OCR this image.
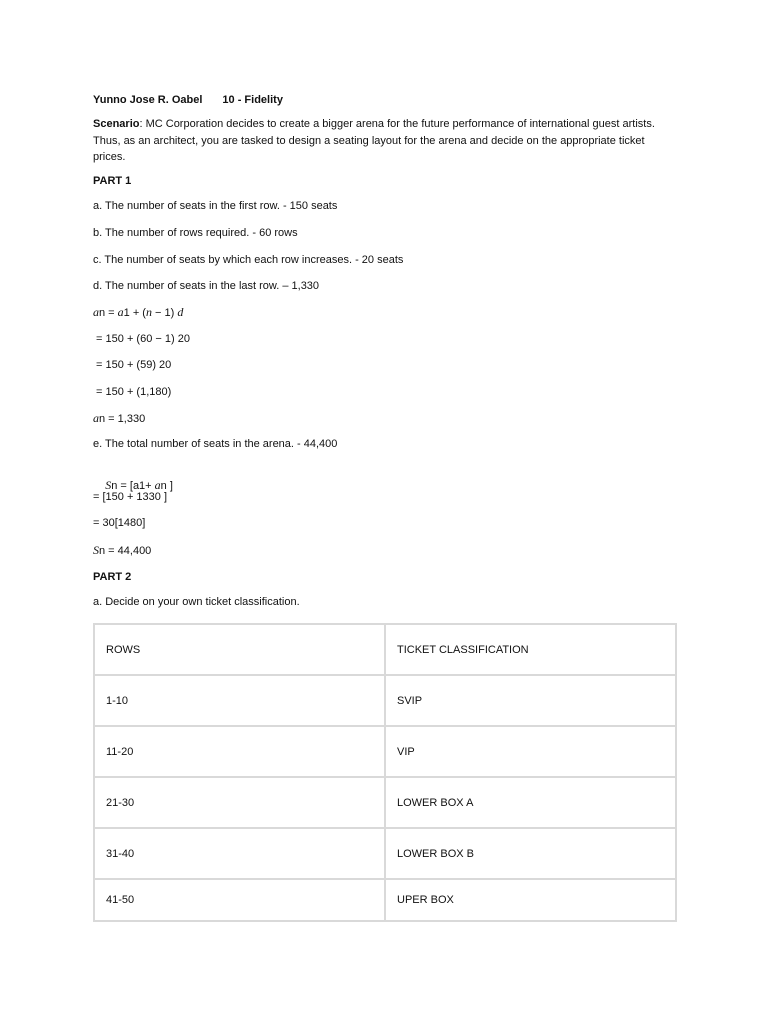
Yunno Jose R. Oabel 10 - Fidelity
Scenario: MC Corporation decides to create a bigger arena for the future performance of international guest artists. Thus, as an architect, you are tasked to design a seating layout for the arena and decide on the appropriate ticket prices.
PART 1
a. The number of seats in the first row. - 150 seats
b. The number of rows required. - 60 rows
c. The number of seats by which each row increases. - 20 seats
d. The number of seats in the last row. – 1,330
an = a1 + (n − 1) d
= 150 + (60 − 1) 20
= 150 + (59) 20
= 150 + (1,180)
an = 1,330
e. The total number of seats in the arena. - 44,400

Sn = [a1+ an ]

= [150 + 1330 ]
= 30[1480]
Sn = 44,400
PART 2
a. Decide on your own ticket classification.
ROWS	TICKET CLASSIFICATION
1-10	SVIP
11-20	VIP
21-30	LOWER BOX A
31-40	LOWER BOX B
41-50	UPER BOX
